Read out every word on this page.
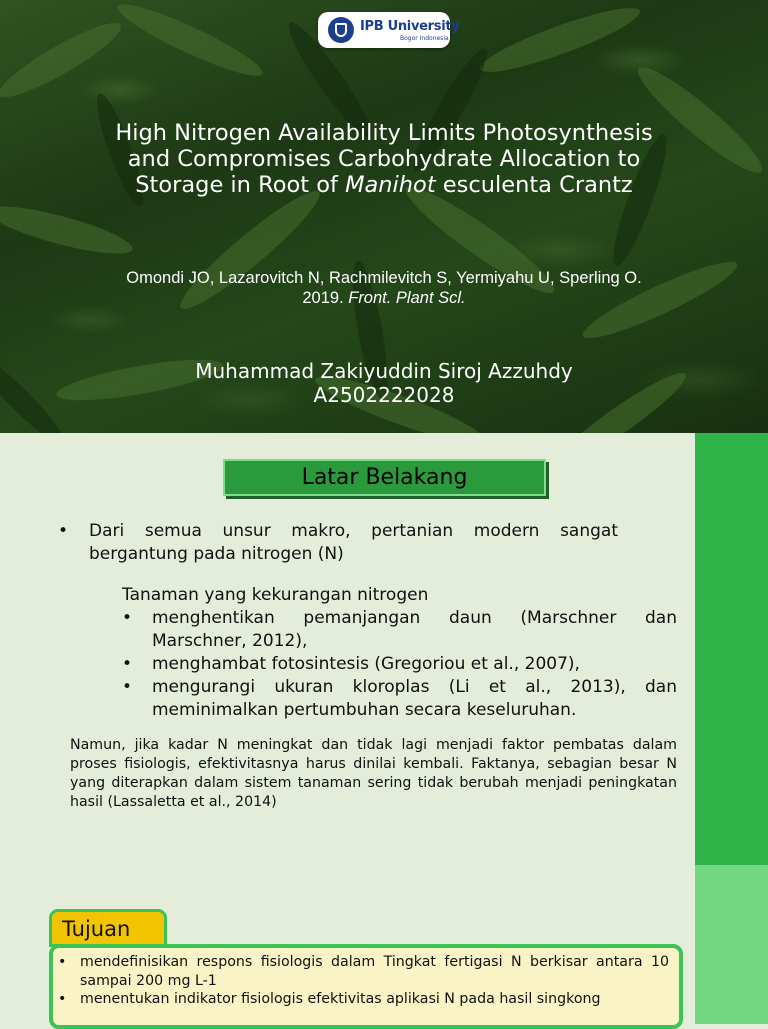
IPB University
Bogor Indonesia
High Nitrogen Availability Limits Photosynthesis
and Compromises Carbohydrate Allocation to
Storage in Root of Manihot esculenta Crantz
Omondi JO, Lazarovitch N, Rachmilevitch S, Yermiyahu U, Sperling O.
2019. Front. Plant Scl.
Muhammad Zakiyuddin Siroj Azzuhdy
A2502222028
Latar Belakang
• Dari semua unsur makro, pertanian modern sangat bergantung pada nitrogen (N)
Tanaman yang kekurangan nitrogen
• menghentikan pemanjangan daun (Marschner dan Marschner, 2012),
• menghambat fotosintesis (Gregoriou et al., 2007),
• mengurangi ukuran kloroplas (Li et al., 2013), dan meminimalkan pertumbuhan secara keseluruhan.
Namun, jika kadar N meningkat dan tidak lagi menjadi faktor pembatas dalam proses fisiologis, efektivitasnya harus dinilai kembali. Faktanya, sebagian besar N yang diterapkan dalam sistem tanaman sering tidak berubah menjadi peningkatan hasil (Lassaletta et al., 2014)
Tujuan
• mendefinisikan respons fisiologis dalam Tingkat fertigasi N berkisar antara 10 sampai 200 mg L-1
• menentukan indikator fisiologis efektivitas aplikasi N pada hasil singkong
